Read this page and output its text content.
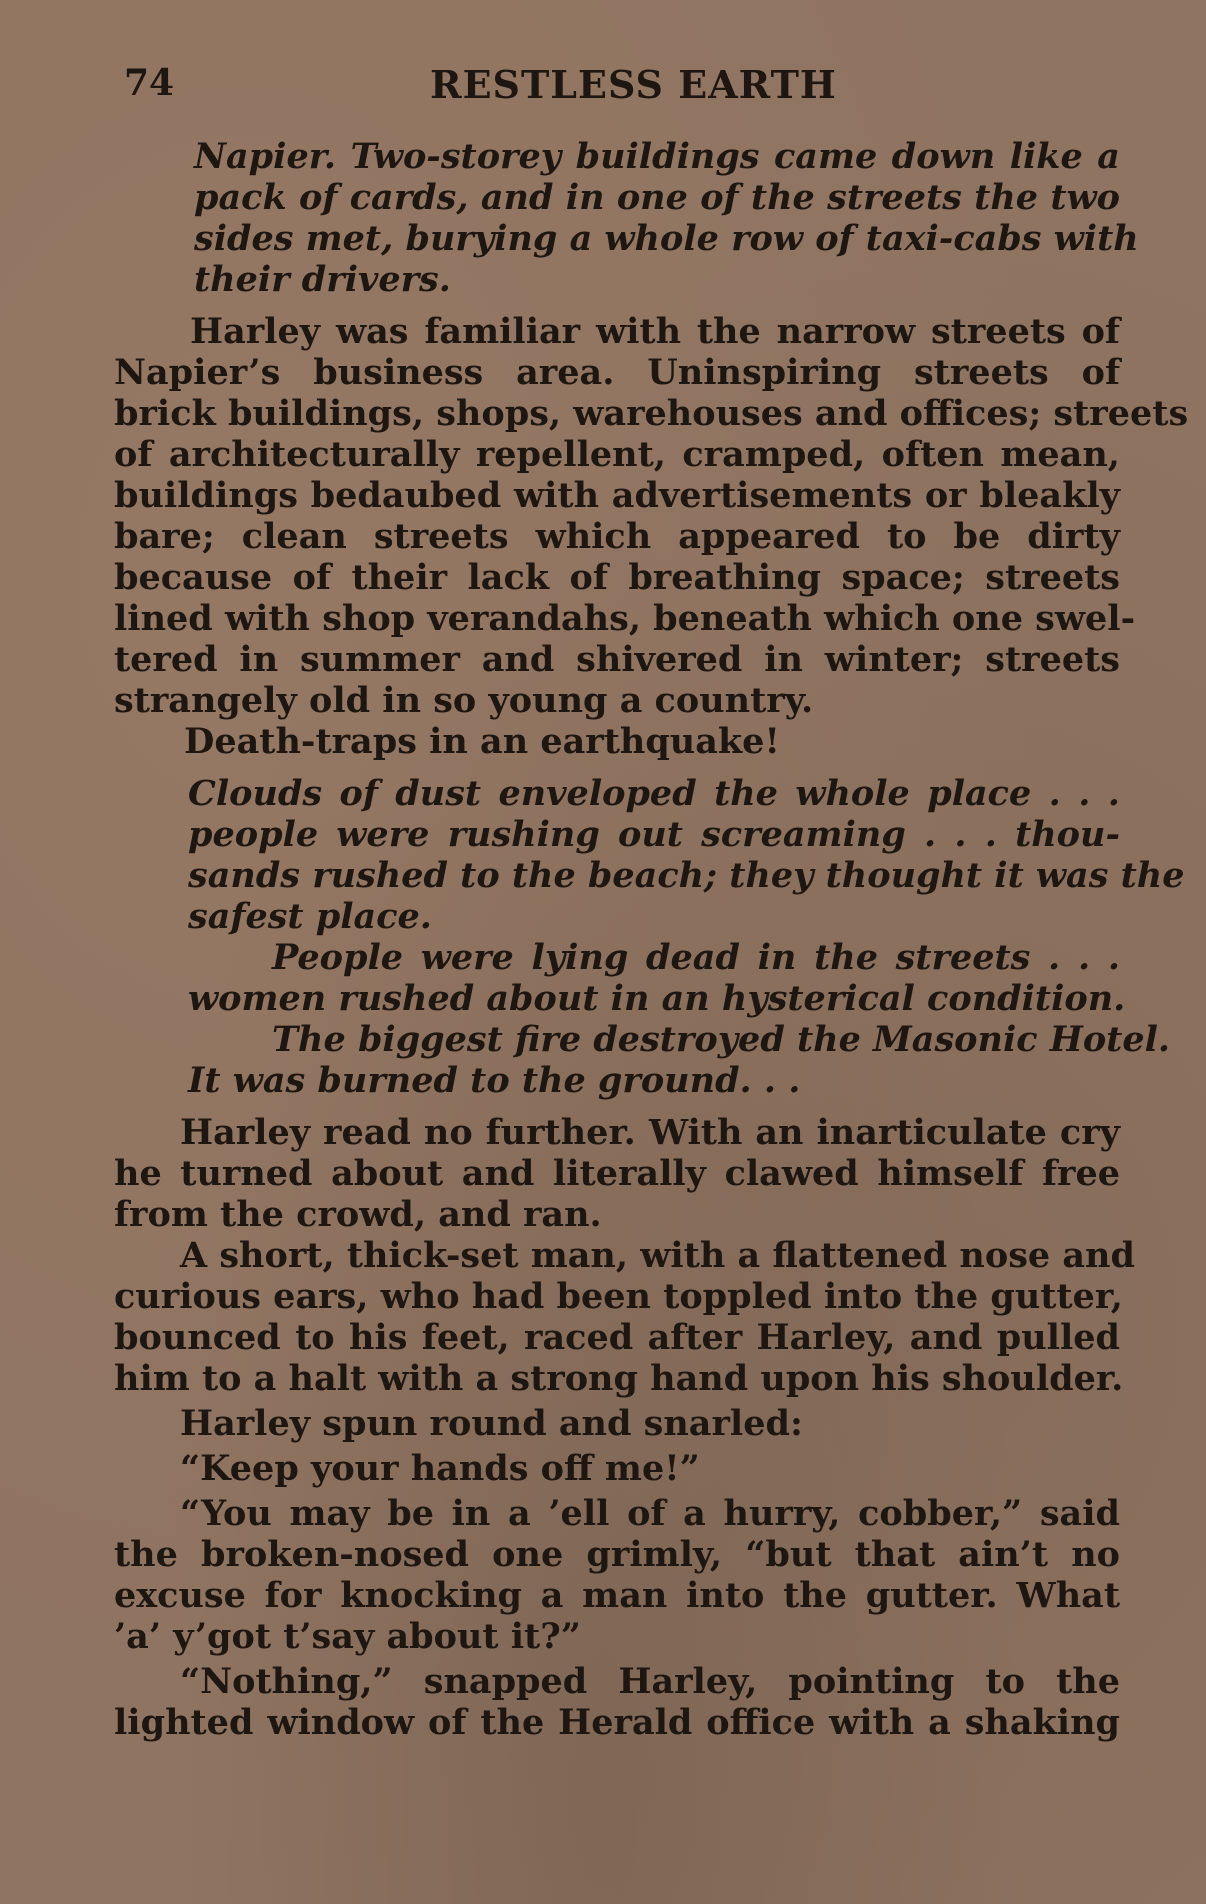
74	RESTLESS EARTH
Napier. Two-storey buildings came down like a
pack of cards, and in one of the streets the two
sides met, burying a whole row of taxi-cabs with
their drivers.
Harley was familiar with the narrow streets of
Napier’s business area. Uninspiring streets of
brick buildings, shops, warehouses and offices; streets
of architecturally repellent, cramped, often mean,
buildings bedaubed with advertisements or bleakly
bare; clean streets which appeared to be dirty
because of their lack of breathing space; streets
lined with shop verandahs, beneath which one swel-
tered in summer and shivered in winter; streets
strangely old in so young a country.
Death-traps in an earthquake!
Clouds of dust enveloped the whole place . . .
people were rushing out screaming . . . thou-
sands rushed to the beach; they thought it was the
safest place.
People were lying dead in the streets . . .
women rushed about in an hysterical condition.
The biggest fire destroyed the Masonic Hotel.
It was burned to the ground. . .
Harley read no further. With an inarticulate cry
he turned about and literally clawed himself free
from the crowd, and ran.
A short, thick-set man, with a flattened nose and
curious ears, who had been toppled into the gutter,
bounced to his feet, raced after Harley, and pulled
him to a halt with a strong hand upon his shoulder.
Harley spun round and snarled:
“Keep your hands off me!”
“You may be in a ’ell of a hurry, cobber,” said
the broken-nosed one grimly, “but that ain’t no
excuse for knocking a man into the gutter. What
’a’ y’got t’say about it?”
“Nothing,” snapped Harley, pointing to the
lighted window of the Herald office with a shaking
